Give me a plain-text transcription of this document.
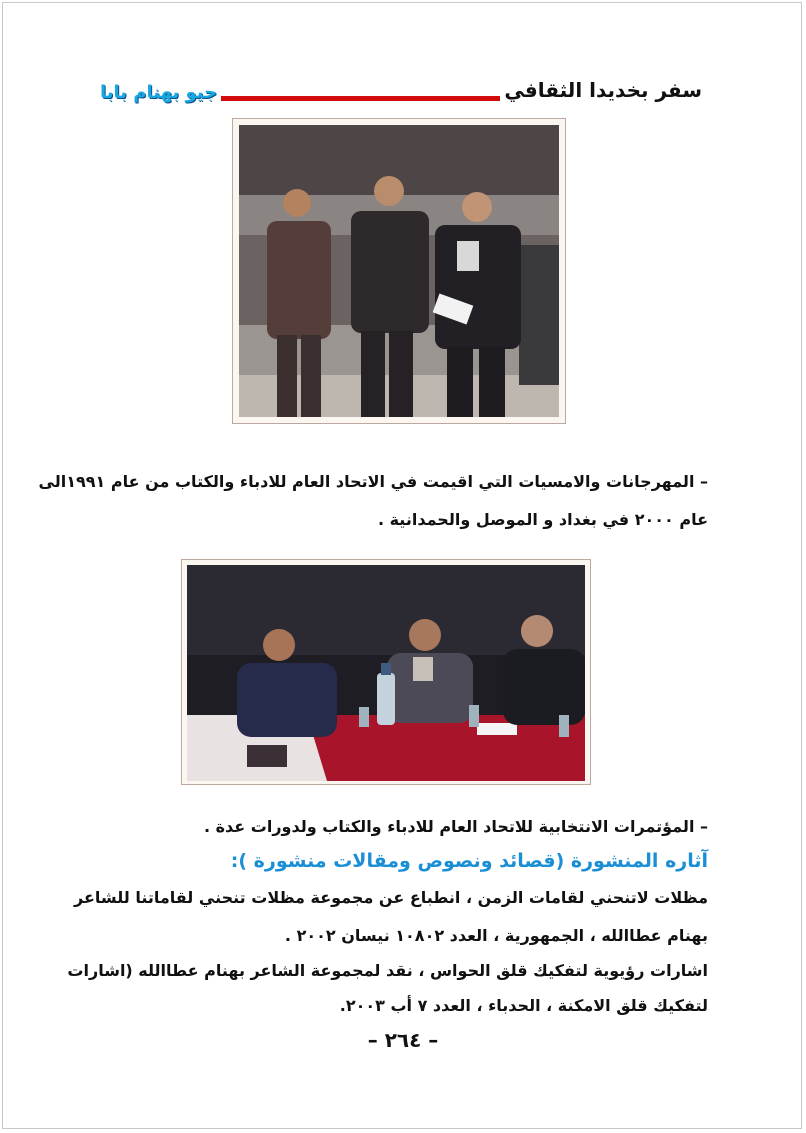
جيو بهنام بابا	سفر بخديدا الثقافي
– المهرجانات والامسيات التي اقيمت في الاتحاد العام للادباء والكتاب من عام ١٩٩١الى
عام ٢٠٠٠ في بغداد و الموصل والحمدانية .
– المؤتمرات الانتخابية للاتحاد العام للادباء والكتاب ولدورات عدة .
آثاره المنشورة (قصائد ونصوص ومقالات منشورة ):
مظلات لاتنحني لقامات الزمن ، انطباع عن مجموعة مظلات تنحني لقاماتنا للشاعر
بهنام عطاالله ، الجمهورية ، العدد ١٠٨٠٢ نيسان ٢٠٠٢ .
اشارات رؤيوية لتفكيك قلق الحواس ، نقد لمجموعة الشاعر بهنام عطاالله (اشارات
لتفكيك قلق الامكنة ، الحدباء ، العدد ٧ أب ٢٠٠٣.
– ٢٦٤ –
